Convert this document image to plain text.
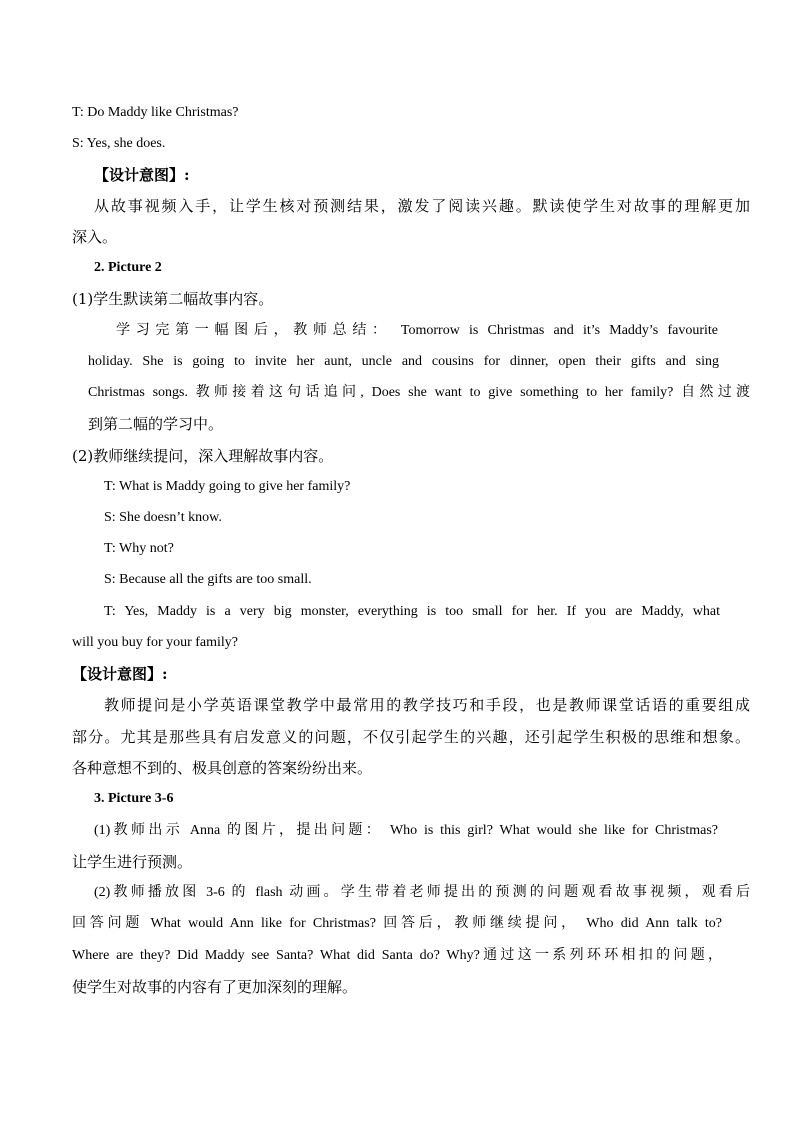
T: Do Maddy like Christmas?
S: Yes, she does.
【设计意图】:
从故事视频入手，让学生核对预测结果，激发了阅读兴趣。默读使学生对故事的理解更加
深入。
2. Picture 2
(1)学生默读第二幅故事内容。
学习完第一幅图后，教师总结： Tomorrow is Christmas and it’s Maddy’s favourite
holiday. She is going to invite her aunt, uncle and cousins for dinner, open their gifts and sing
Christmas songs. 教师接着这句话追问, Does she want to give something to her family? 自然过渡
到第二幅的学习中。
(2)教师继续提问，深入理解故事内容。
T: What is Maddy going to give her family?
S: She doesn’t know.
T: Why not?
S: Because all the gifts are too small.
T: Yes, Maddy is a very big monster, everything is too small for her. If you are Maddy, what
will you buy for your family?
【设计意图】:
教师提问是小学英语课堂教学中最常用的教学技巧和手段，也是教师课堂话语的重要组成
部分。尤其是那些具有启发意义的问题，不仅引起学生的兴趣，还引起学生积极的思维和想象。
各种意想不到的、极具创意的答案纷纷出来。
3. Picture 3-6
(1)教师出示 Anna 的图片，提出问题： Who is this girl? What would she like for Christmas?
让学生进行预测。
(2)教师播放图 3-6 的 flash 动画。学生带着老师提出的预测的问题观看故事视频，观看后
回答问题 What would Ann like for Christmas? 回答后，教师继续提问， Who did Ann talk to?
Where are they? Did Maddy see Santa? What did Santa do? Why?通过这一系列环环相扣的问题，
使学生对故事的内容有了更加深刻的理解。
